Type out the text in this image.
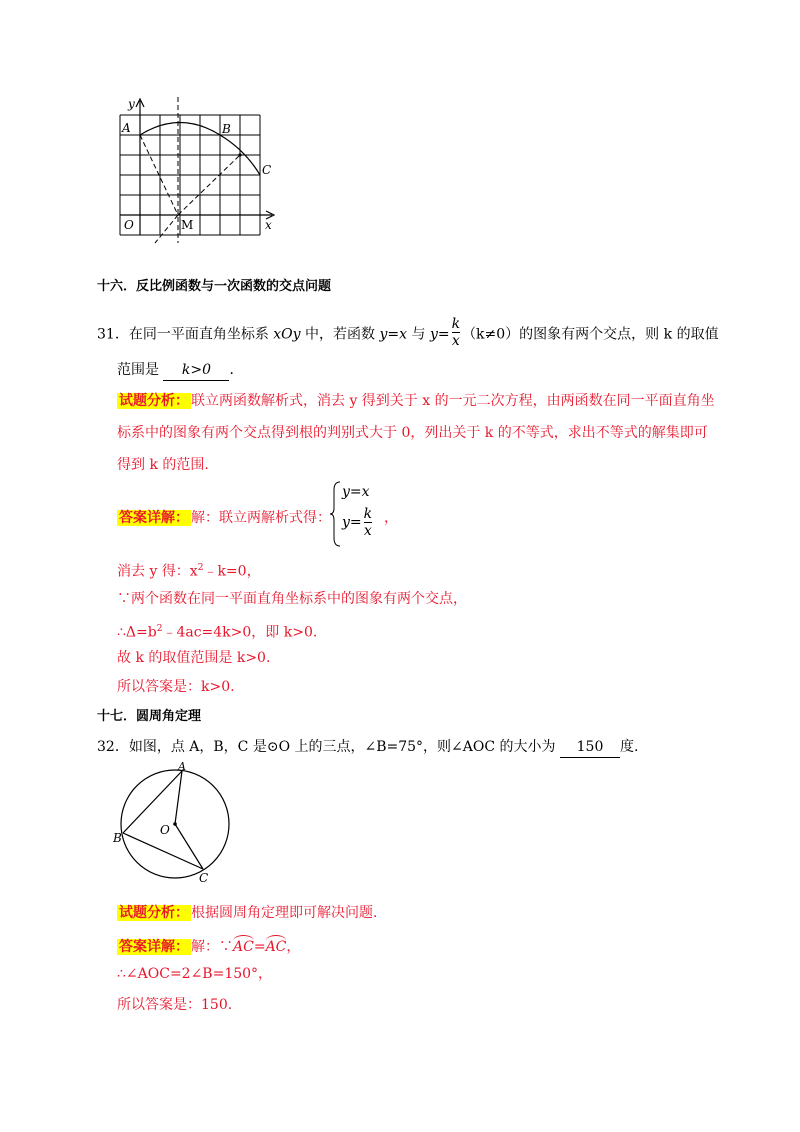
y
A	B
C
O	M	x
十六．反比例函数与一次函数的交点问题
31．在同一平面直角坐标系 xOy 中，若函数 y=x 与 $y= \frac{k}{x} (k\ne 0)$的图象有两个交点，则 k 的取值
范围是 k>0 ．
试题分析： 联立两函数解析式，消去 y 得到关于 x 的一元二次方程，由两函数在同一平面直角坐
标系中的图象有两个交点得到根的判别式大于 0，列出关于 k 的不等式，求出不等式的解集即可
得到 k 的范围.
答案详解： 解：联立两解析式得：
y=x
$y= \frac{k}{x}$ ，
消去 y 得：$x^2﹣k=0$，
∵两个函数在同一平面直角坐标系中的图象有两个交点，
$\therefore\Delta=b^2﹣4ac=4k>0$，即 k>0.
故 k 的取值范围是 k>0.
所以答案是：k>0.
十七．圆周角定理
32．如图，点 A，B，C 是⊙O 上的三点，∠B=75°，则∠AOC 的大小为 150 度.
A
B
C
O
试题分析： 根据圆周角定理即可解决问题.
答案详解： 解：∵AC=AC，
∴∠AOC=2∠B=150°，
所以答案是：150.
